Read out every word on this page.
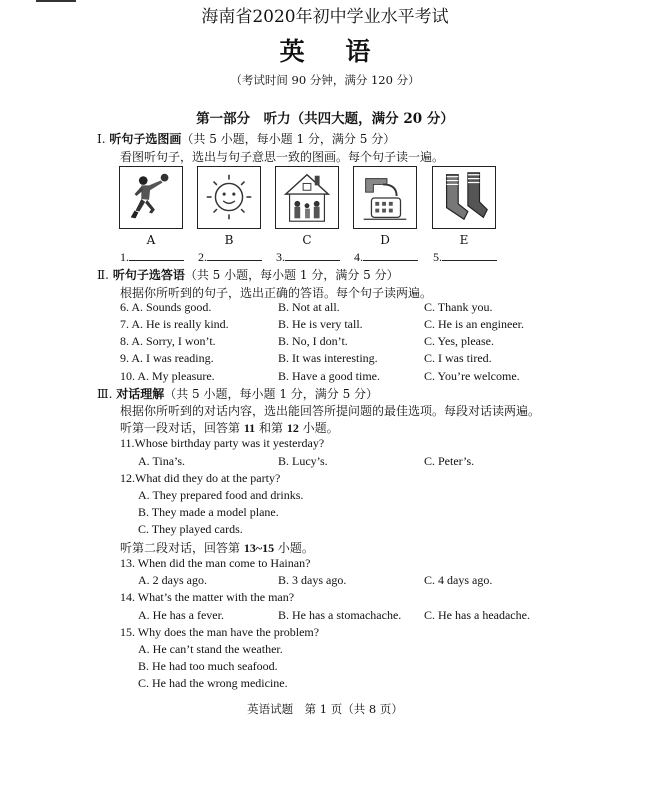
海南省2020年初中学业水平考试
英 语
（考试时间 90 分钟，满分 120 分）
第一部分　听力（共四大题，满分 20 分）
Ⅰ. 听句子选图画（共 5 小题，每小题 1 分，满分 5 分）
看图听句子，选出与句子意思一致的图画。每个句子读一遍。
A	B	C	D	E
1.	2.	3.	4.	5.
Ⅱ. 听句子选答语（共 5 小题，每小题 1 分，满分 5 分）
根据你所听到的句子，选出正确的答语。每个句子读两遍。
6. A. Sounds good.	B. Not at all.	C. Thank you.
7. A. He is really kind.	B. He is very tall.	C. He is an engineer.
8. A. Sorry, I won’t.	B. No, I don’t.	C. Yes, please.
9. A. I was reading.	B. It was interesting.	C. I was tired.
10. A. My pleasure.	B. Have a good time.	C. You’re welcome.
Ⅲ. 对话理解（共 5 小题，每小题 1 分，满分 5 分）
根据你所听到的对话内容，选出能回答所提问题的最佳选项。每段对话读两遍。
听第一段对话，回答第 11 和第 12 小题。
11.Whose birthday party was it yesterday?
A. Tina’s.	B. Lucy’s.	C. Peter’s.
12.What did they do at the party?
A. They prepared food and drinks.
B. They made a model plane.
C. They played cards.
听第二段对话，回答第 13~15 小题。
13. When did the man come to Hainan?
A. 2 days ago.	B. 3 days ago.	C. 4 days ago.
14. What’s the matter with the man?
A. He has a fever.	B. He has a stomachache. C. He has a headache.
15. Why does the man have the problem?
A. He can’t stand the weather.
B. He had too much seafood.
C. He had the wrong medicine.
英语试题　第 1 页（共 8 页）
